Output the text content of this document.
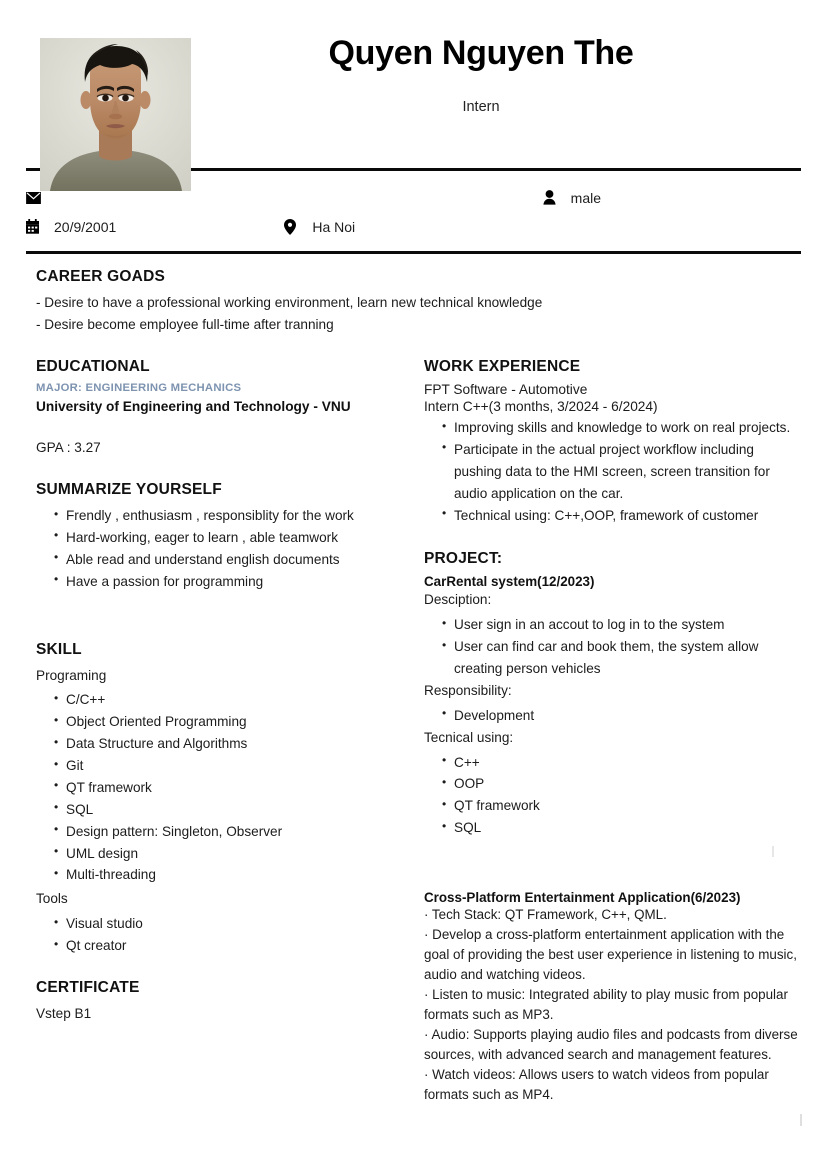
Quyen Nguyen The
Intern
male
20/9/2001	Ha Noi
CAREER GOADS
- Desire to have a professional working environment, learn new technical knowledge
- Desire become employee full-time after tranning
EDUCATIONAL
MAJOR: ENGINEERING MECHANICS
University of Engineering and Technology - VNU
GPA : 3.27
SUMMARIZE YOURSELF
• Frendly , enthusiasm , responsiblity for the work
• Hard-working, eager to learn , able teamwork
• Able read and understand english documents
• Have a passion for programming
SKILL
Programing
• C/C++
• Object Oriented Programming
• Data Structure and Algorithms
• Git
• QT framework
• SQL
• Design pattern: Singleton, Observer
• UML design
• Multi-threading
Tools
• Visual studio
• Qt creator
CERTIFICATE
Vstep B1
WORK EXPERIENCE
FPT Software - Automotive
Intern C++(3 months, 3/2024 - 6/2024)
• Improving skills and knowledge to work on real projects.
• Participate in the actual project workflow including pushing data to the HMI screen, screen transition for audio application on the car.
• Technical using: C++,OOP, framework of customer
PROJECT:
CarRental system(12/2023)
Desciption:
• User sign in an accout to log in to the system
• User can find car and book them, the system allow creating person vehicles
Responsibility:
• Development
Tecnical using:
• C++
• OOP
• QT framework
• SQL
Cross-Platform Entertainment Application(6/2023)
· Tech Stack: QT Framework, C++, QML.
· Develop a cross-platform entertainment application with the goal of providing the best user experience in listening to music, audio and watching videos.
· Listen to music: Integrated ability to play music from popular formats such as MP3.
· Audio: Supports playing audio files and podcasts from diverse sources, with advanced search and management features.
· Watch videos: Allows users to watch videos from popular formats such as MP4.
